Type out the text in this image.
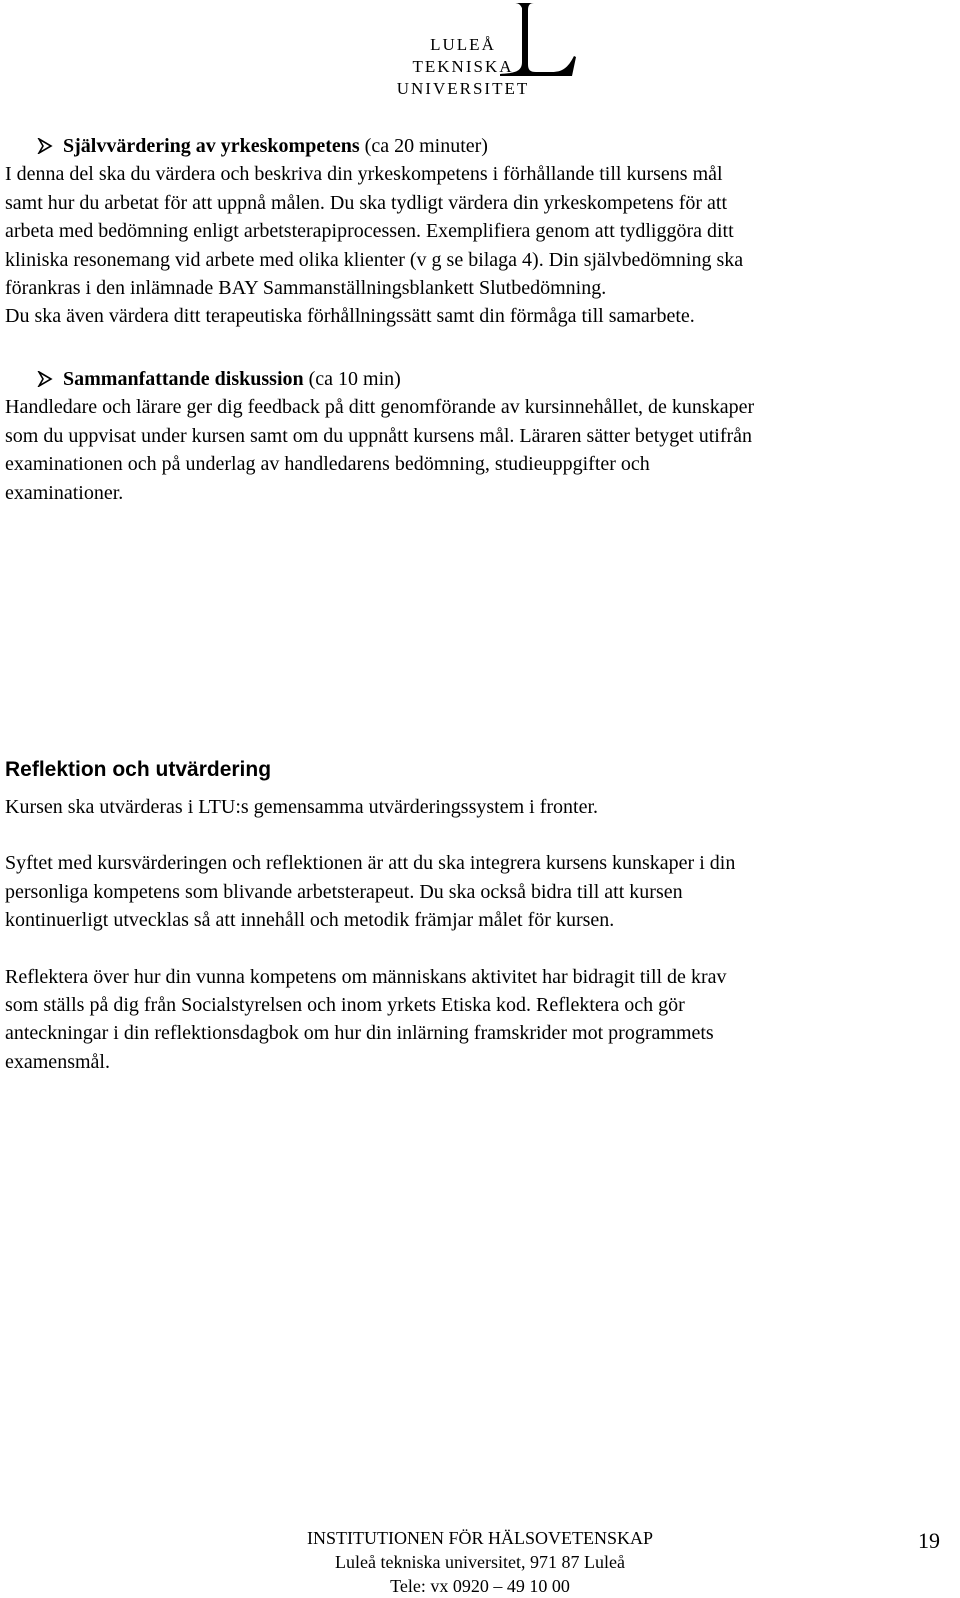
LULEÅ
TEKNISKA
UNIVERSITET
Självvärdering av yrkeskompetens (ca 20 minuter)

I denna del ska du värdera och beskriva din yrkeskompetens i förhållande till kursens mål

samt hur du arbetat för att uppnå målen. Du ska tydligt värdera din yrkeskompetens för att

arbeta med bedömning enligt arbetsterapiprocessen. Exemplifiera genom att tydliggöra ditt

kliniska resonemang vid arbete med olika klienter (v g se bilaga 4). Din självbedömning ska

förankras i den inlämnade BAY Sammanställningsblankett Slutbedömning.

Du ska även värdera ditt terapeutiska förhållningssätt samt din förmåga till samarbete.

Sammanfattande diskussion (ca 10 min)

Handledare och lärare ger dig feedback på ditt genomförande av kursinnehållet, de kunskaper

som du uppvisat under kursen samt om du uppnått kursens mål. Läraren sätter betyget utifrån

examinationen och på underlag av handledarens bedömning, studieuppgifter och

examinationer.

Reflektion och utvärdering

Kursen ska utvärderas i LTU:s gemensamma utvärderingssystem i fronter.

Syftet med kursvärderingen och reflektionen är att du ska integrera kursens kunskaper i din
personliga kompetens som blivande arbetsterapeut. Du ska också bidra till att kursen
kontinuerligt utvecklas så att innehåll och metodik främjar målet för kursen.

Reflektera över hur din vunna kompetens om människans aktivitet har bidragit till de krav
som ställs på dig från Socialstyrelsen och inom yrkets Etiska kod. Reflektera och gör
anteckningar i din reflektionsdagbok om hur din inlärning framskrider mot programmets
examensmål.

INSTITUTIONEN FÖR HÄLSOVETENSKAP
Luleå tekniska universitet, 971 87 Luleå
Tele: vx 0920 – 49 10 00
19
